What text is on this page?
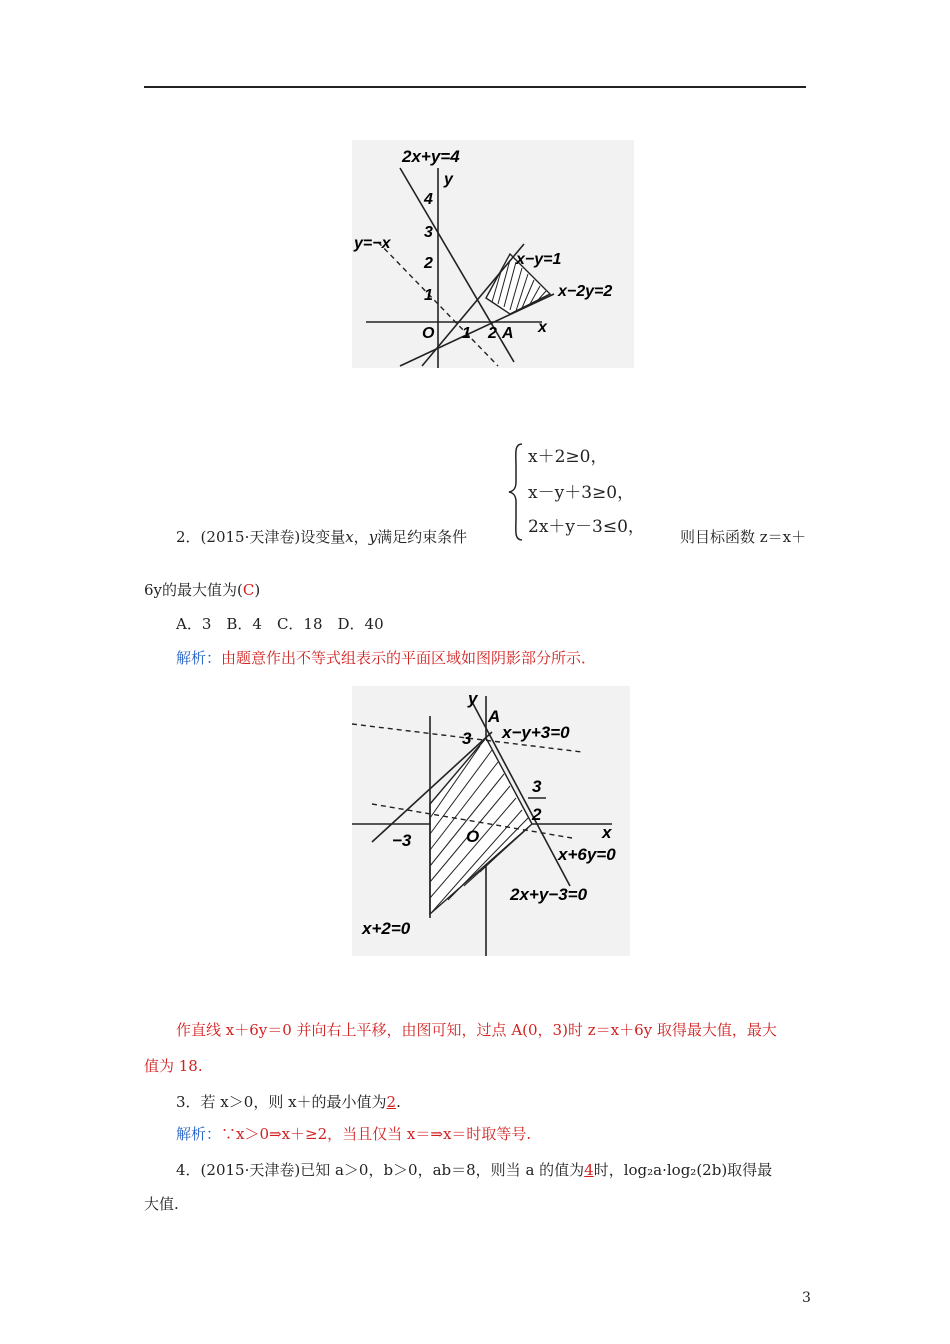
2x+y=4
y
4
3
2
1
y=−x
x−y=1
x−2y=2
O 1 2 A x
2．(2015·天津卷)设变量x，y满足约束条件
x＋2≥0，
x－y＋3≥0，
2x＋y－3≤0， 则目标函数 z＝x＋
6y的最大值为(C)
A．3　B．4　C．18　D．40
解析：由题意作出不等式组表示的平面区域如图阴影部分所示．
y
A
3 x−y+3=0
3
2
−3	O	x
x+6y=0
2x+y−3=0
x+2=0
作直线 x＋6y＝0 并向右上平移，由图可知，过点 A(0，3)时 z＝x＋6y 取得最大值，最大
值为 18.
3．若 x＞0，则 x＋的最小值为2.
解析：∵x＞0⇒x＋≥2，当且仅当 x＝⇒x＝时取等号.
4．(2015·天津卷)已知 a＞0，b＞0，ab＝8，则当 a 的值为4时，log₂a·log₂(2b)取得最
大值.
3
